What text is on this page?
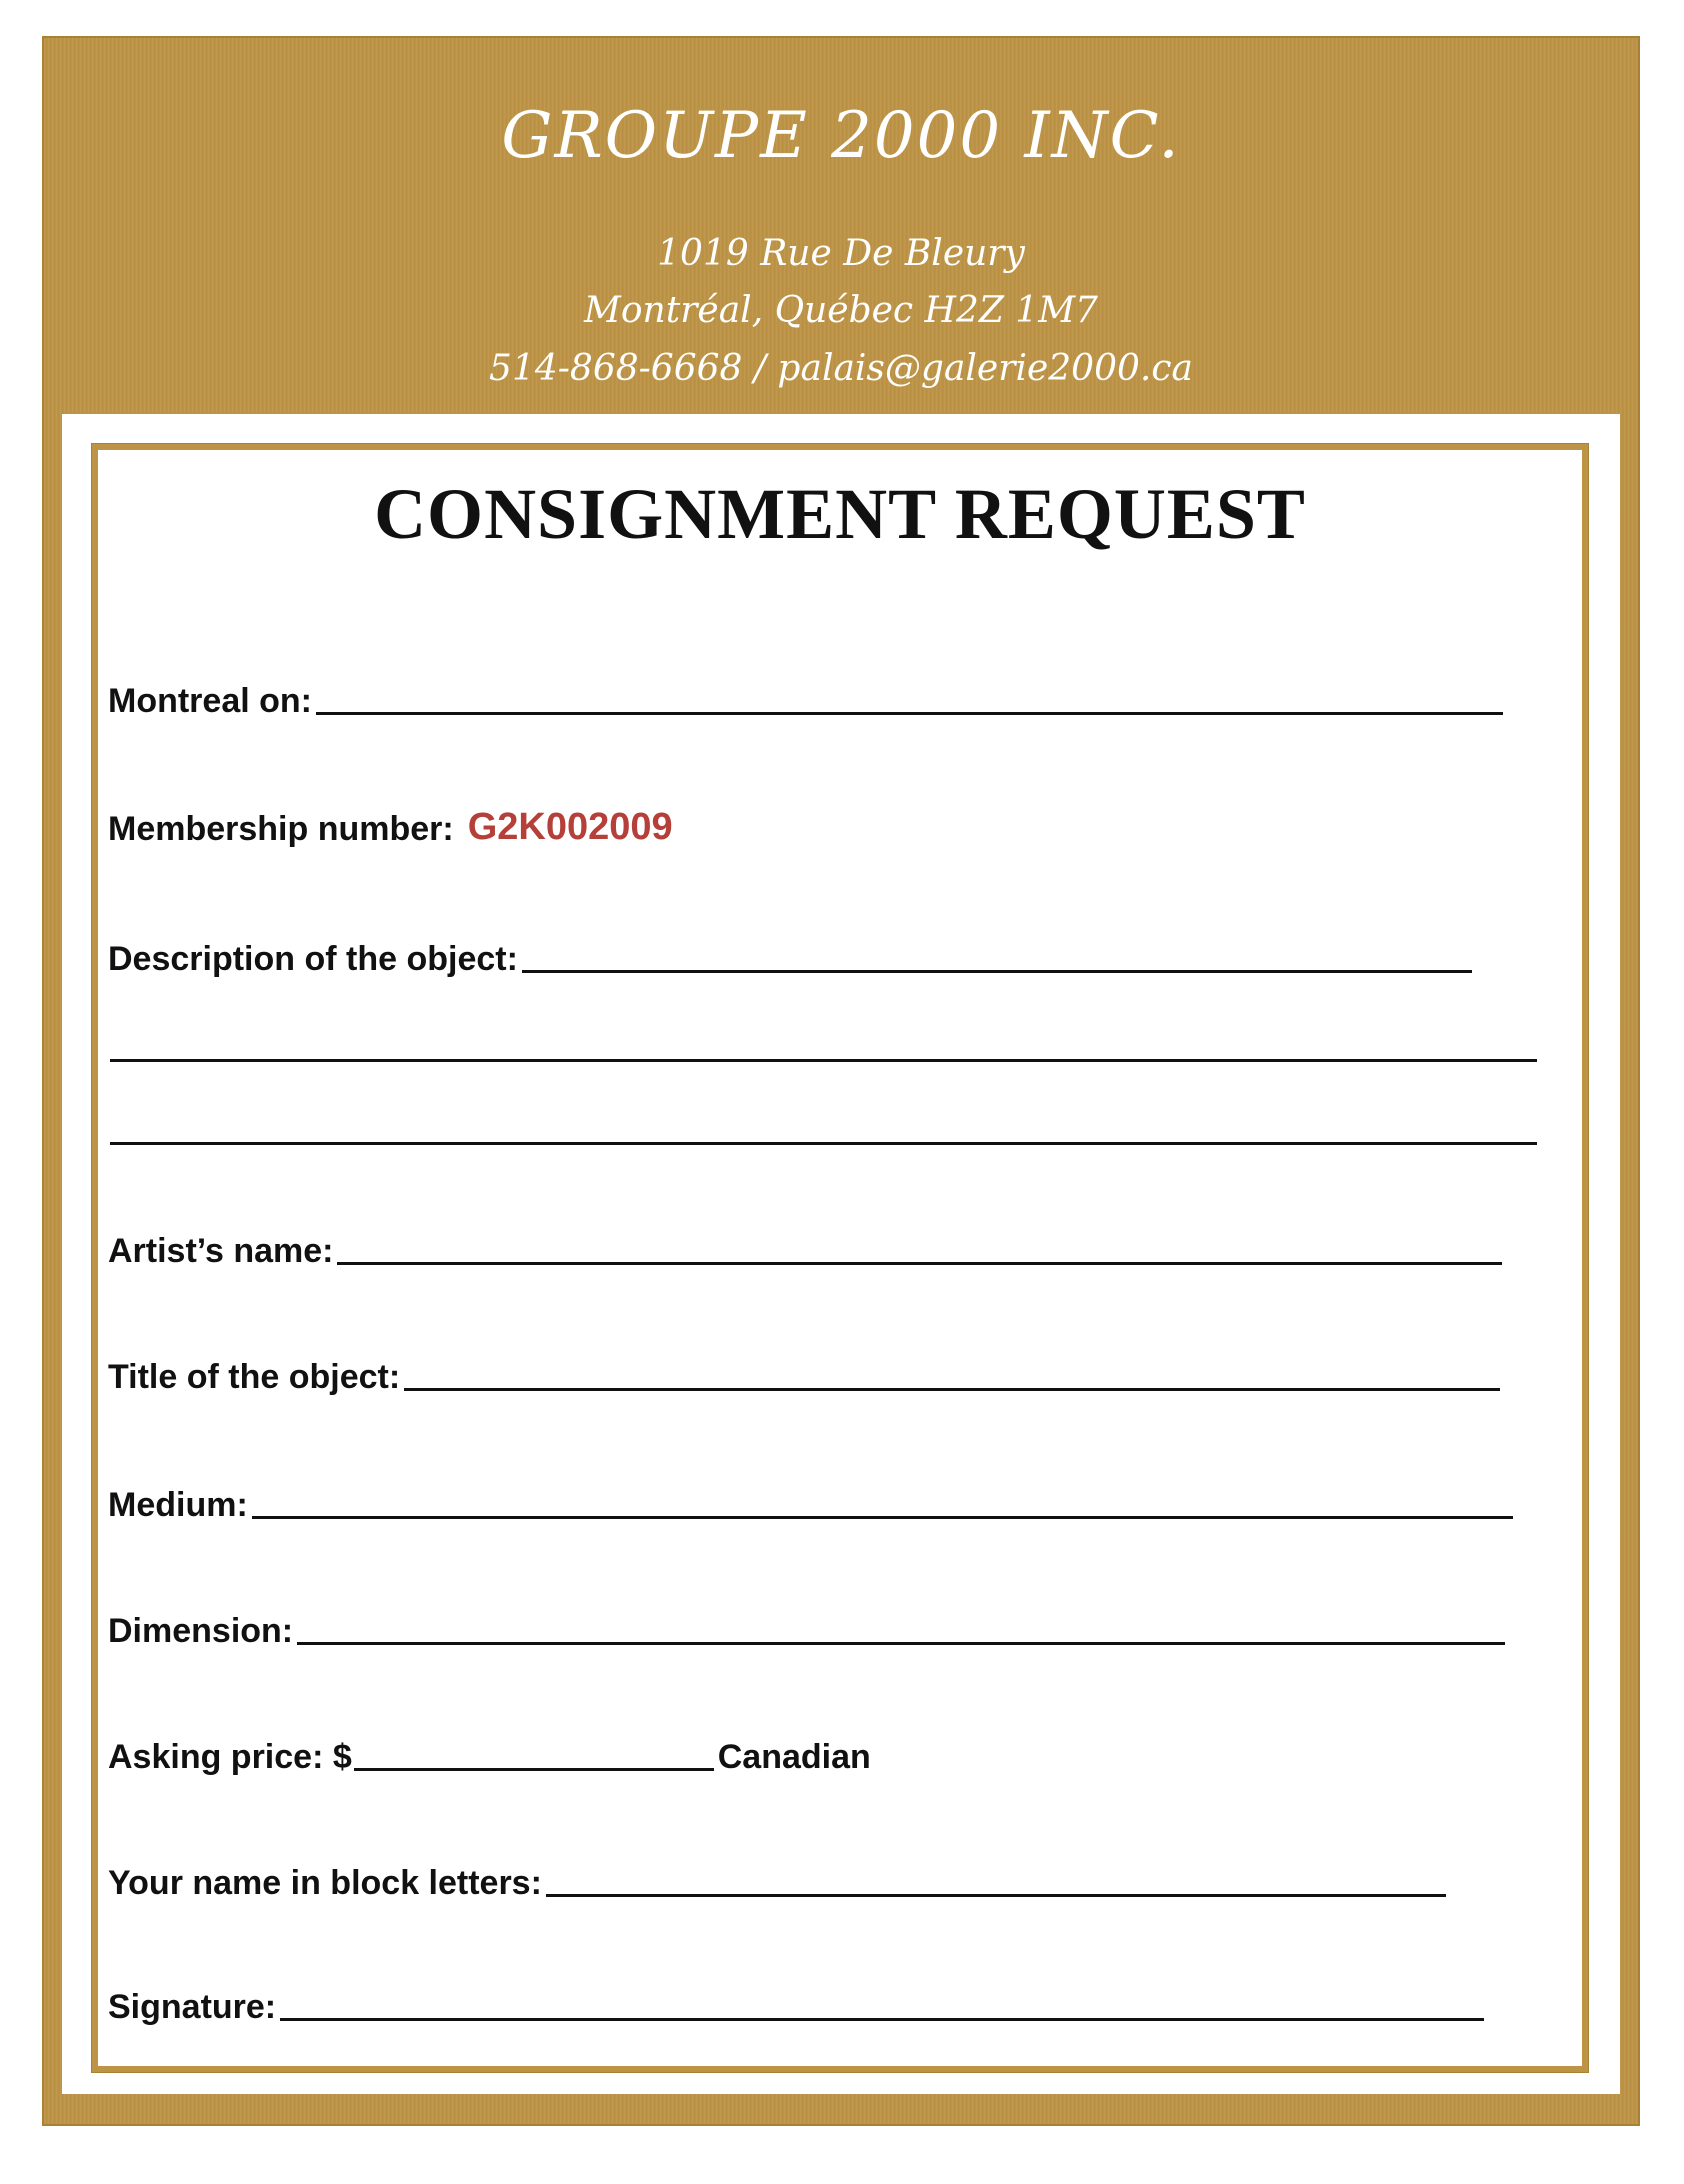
GROUPE 2000 INC.
1019 Rue De Bleury
Montréal, Québec H2Z 1M7
514-868-6668 / palais@galerie2000.ca
CONSIGNMENT REQUEST
Montreal on:
Membership number: G2K002009
Description of the object:
Artist’s name:
Title of the object:
Medium:
Dimension:
Asking price: $	Canadian
Your name in block letters:
Signature:
